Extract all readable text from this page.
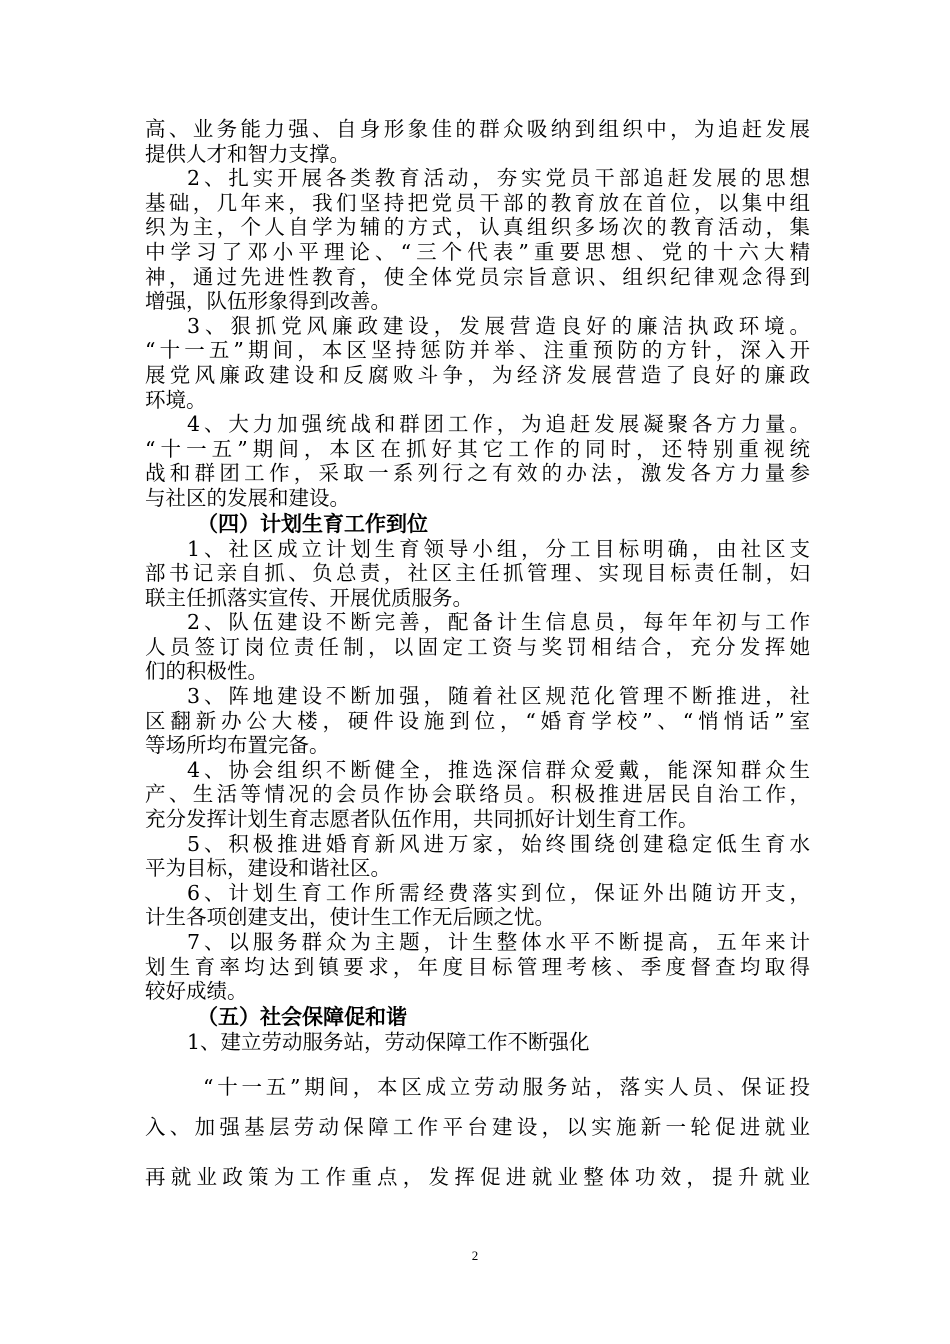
高、业务能力强、自身形象佳的群众吸纳到组织中，为追赶发展
提供人才和智力支撑。
2、扎实开展各类教育活动，夯实党员干部追赶发展的思想
基础，几年来，我们坚持把党员干部的教育放在首位，以集中组
织为主，个人自学为辅的方式，认真组织多场次的教育活动，集
中学习了邓小平理论、“三个代表”重要思想、党的十六大精
神，通过先进性教育，使全体党员宗旨意识、组织纪律观念得到
增强，队伍形象得到改善。
3、狠抓党风廉政建设，发展营造良好的廉洁执政环境。
“十一五”期间，本区坚持惩防并举、注重预防的方针，深入开
展党风廉政建设和反腐败斗争，为经济发展营造了良好的廉政
环境。
4、大力加强统战和群团工作，为追赶发展凝聚各方力量。
“十一五”期间，本区在抓好其它工作的同时，还特别重视统
战和群团工作，采取一系列行之有效的办法，激发各方力量参
与社区的发展和建设。
（四）计划生育工作到位
1、社区成立计划生育领导小组，分工目标明确，由社区支
部书记亲自抓、负总责，社区主任抓管理、实现目标责任制，妇
联主任抓落实宣传、开展优质服务。
2、队伍建设不断完善，配备计生信息员，每年年初与工作
人员签订岗位责任制，以固定工资与奖罚相结合，充分发挥她
们的积极性。
3、阵地建设不断加强，随着社区规范化管理不断推进，社
区翻新办公大楼，硬件设施到位，“婚育学校”、“悄悄话”室
等场所均布置完备。
4、协会组织不断健全，推选深信群众爱戴，能深知群众生
产、生活等情况的会员作协会联络员。积极推进居民自治工作，
充分发挥计划生育志愿者队伍作用，共同抓好计划生育工作。
5、积极推进婚育新风进万家，始终围绕创建稳定低生育水
平为目标，建设和谐社区。
6、计划生育工作所需经费落实到位，保证外出随访开支，
计生各项创建支出，使计生工作无后顾之忧。
7、以服务群众为主题，计生整体水平不断提高，五年来计
划生育率均达到镇要求，年度目标管理考核、季度督查均取得
较好成绩。
（五）社会保障促和谐
1、建立劳动服务站，劳动保障工作不断强化
“十一五”期间，本区成立劳动服务站，落实人员、保证投
入、加强基层劳动保障工作平台建设，以实施新一轮促进就业
再就业政策为工作重点，发挥促进就业整体功效，提升就业
2
